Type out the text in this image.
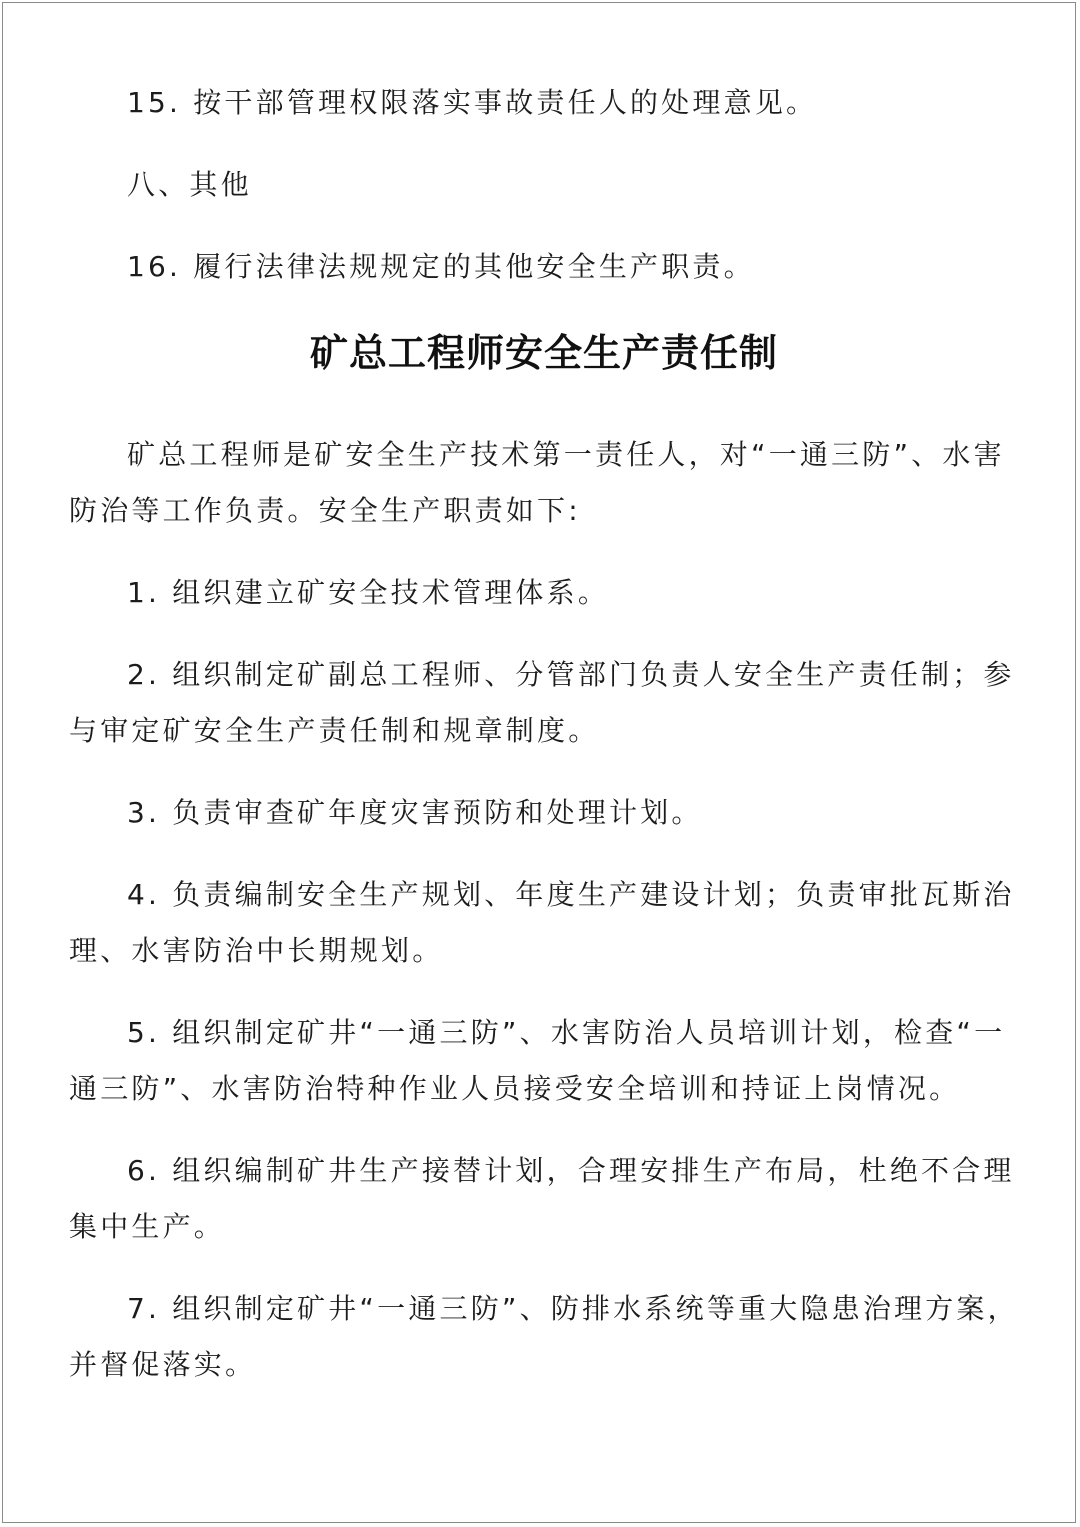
15. 按干部管理权限落实事故责任人的处理意见。

八、其他

16. 履行法律法规规定的其他安全生产职责。

矿总工程师安全生产责任制

矿总工程师是矿安全生产技术第一责任人，对“一通三防”、水害防治等工作负责。安全生产职责如下:

1. 组织建立矿安全技术管理体系。

2. 组织制定矿副总工程师、分管部门负责人安全生产责任制；参与审定矿安全生产责任制和规章制度。

3. 负责审查矿年度灾害预防和处理计划。

4. 负责编制安全生产规划、年度生产建设计划；负责审批瓦斯治理、水害防治中长期规划。

5. 组织制定矿井“一通三防”、水害防治人员培训计划，检查“一通三防”、水害防治特种作业人员接受安全培训和持证上岗情况。

6. 组织编制矿井生产接替计划，合理安排生产布局，杜绝不合理集中生产。

7. 组织制定矿井“一通三防”、防排水系统等重大隐患治理方案，并督促落实。
